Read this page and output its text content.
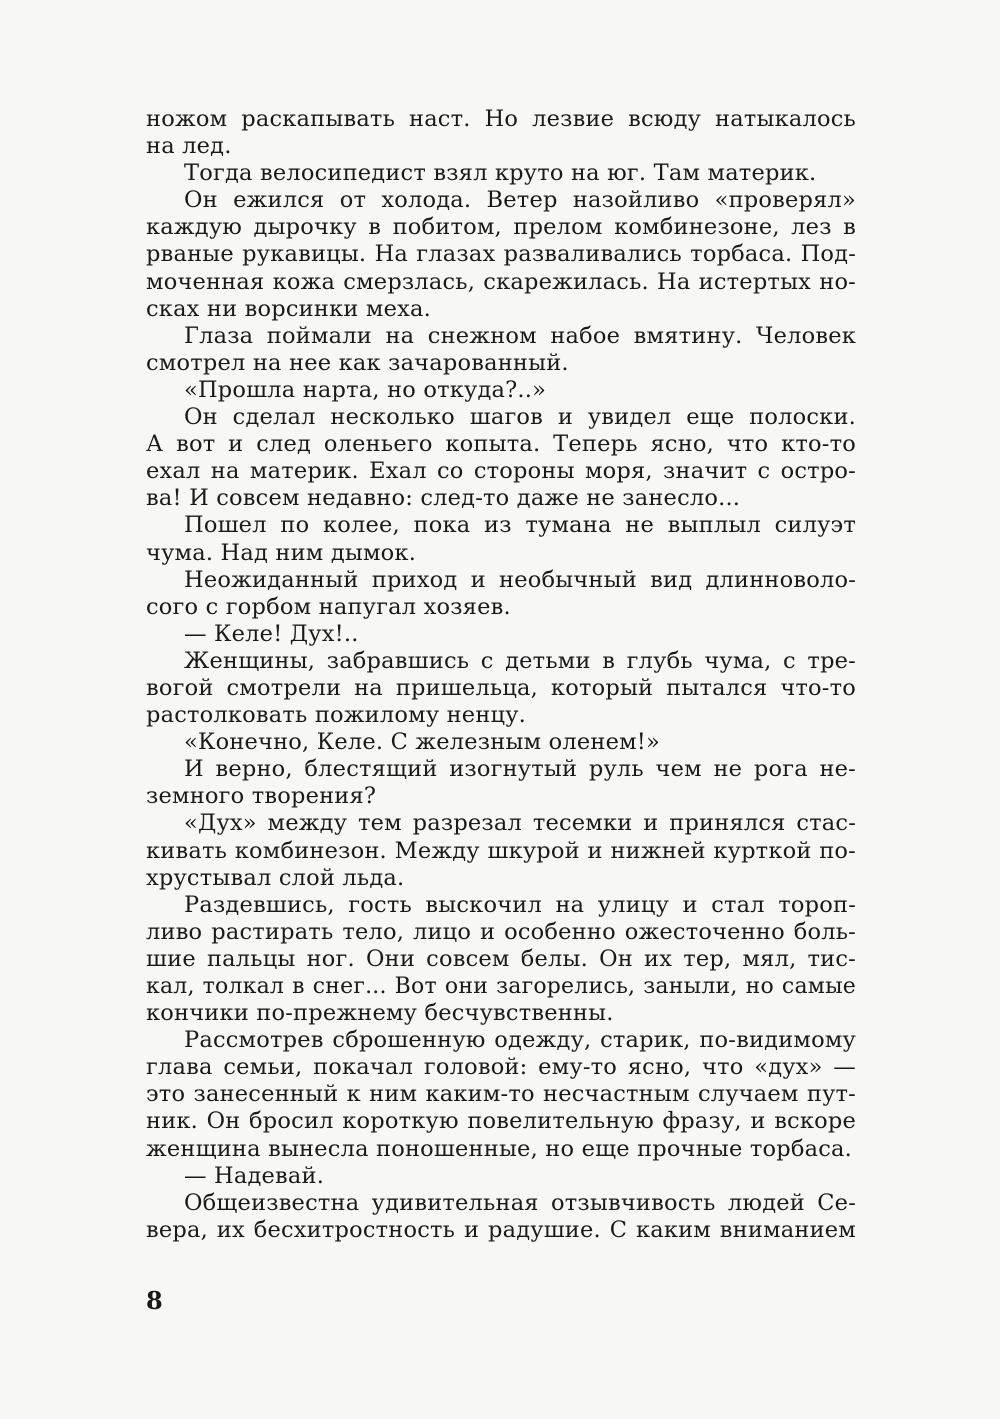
ножом раскапывать наст. Но лезвие всюду натыкалось
на лед.
Тогда велосипедист взял круто на юг. Там материк.
Он ежился от холода. Ветер назойливо «проверял»
каждую дырочку в побитом, прелом комбинезоне, лез в
рваные рукавицы. На глазах разваливались торбаса. Под-
моченная кожа смерзлась, скарежилась. На истертых но-
сках ни ворсинки меха.
Глаза поймали на снежном набое вмятину. Человек
смотрел на нее как зачарованный.
«Прошла нарта, но откуда?..»
Он сделал несколько шагов и увидел еще полоски.
А вот и след оленьего копыта. Теперь ясно, что кто-то
ехал на материк. Ехал со стороны моря, значит с остро-
ва! И совсем недавно: след-то даже не занесло...
Пошел по колее, пока из тумана не выплыл силуэт
чума. Над ним дымок.
Неожиданный приход и необычный вид длинноволо-
сого с горбом напугал хозяев.
— Келе! Дух!..
Женщины, забравшись с детьми в глубь чума, с тре-
вогой смотрели на пришельца, который пытался что-то
растолковать пожилому ненцу.
«Конечно, Келе. С железным оленем!»
И верно, блестящий изогнутый руль чем не рога не-
земного творения?
«Дух» между тем разрезал тесемки и принялся стас-
кивать комбинезон. Между шкурой и нижней курткой по-
хрустывал слой льда.
Раздевшись, гость выскочил на улицу и стал тороп-
ливо растирать тело, лицо и особенно ожесточенно боль-
шие пальцы ног. Они совсем белы. Он их тер, мял, тис-
кал, толкал в снег... Вот они загорелись, заныли, но самые
кончики по-прежнему бесчувственны.
Рассмотрев сброшенную одежду, старик, по-видимому
глава семьи, покачал головой: ему-то ясно, что «дух» —
это занесенный к ним каким-то несчастным случаем пут-
ник. Он бросил короткую повелительную фразу, и вскоре
женщина вынесла поношенные, но еще прочные торбаса.
— Надевай.
Общеизвестна удивительная отзывчивость людей Се-
вера, их бесхитростность и радушие. С каким вниманием
8
